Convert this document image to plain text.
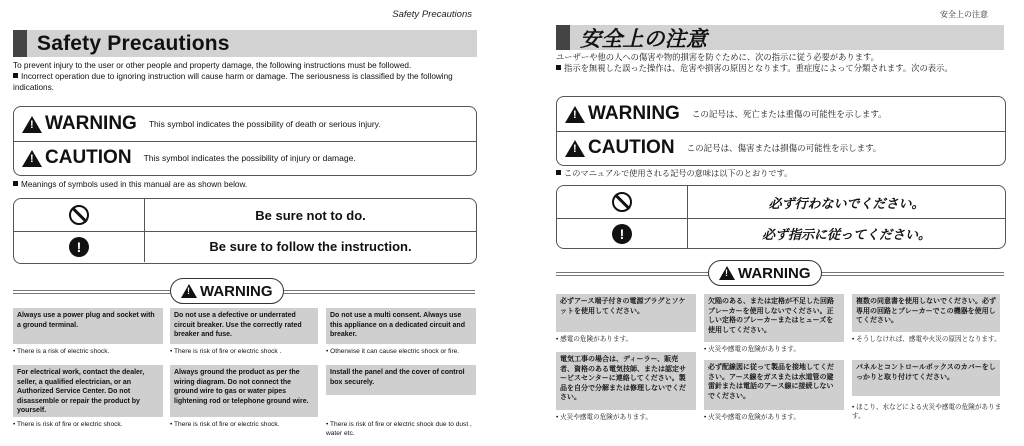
Safety Precautions
Safety Precautions
To prevent injury to the user or other people and property damage, the following instructions must be followed.
Incorrect operation due to ignoring instruction will cause harm or damage. The seriousness is classified by the following indications.
!
WARNING This symbol indicates the possibility of death or serious injury.
!
CAUTION This symbol indicates the possibility of injury or damage.
Meanings of symbols used in this manual are as shown below.
Be sure not to do.
!	Be sure to follow the instruction.
!
WARNING
Always use a power plug and socket with a ground terminal.
• There is a risk of electric shock.
Do not use a defective or underrated circuit breaker. Use the correctly rated breaker and fuse.
• There is risk of fire or electric shock .
Do not use a multi consent. Always use this appliance on a dedicated circuit and breaker.
• Otherwise it can cause electric shock or fire.
For electrical work, contact the dealer, seller, a qualified electrician, or an Authorized Service Center. Do not disassemble or repair the product by yourself.
• There is risk of fire or electric shock.
Always ground the product as per the wiring diagram. Do not connect the ground wire to gas or water pipes lightening rod or telephone ground wire.
• There is risk of fire or electric shock.
Install the panel and the cover of control box securely.
• There is risk of fire or electric shock due to dust , water etc.
安全上の注意
安全上の注意
ユーザーや他の人への傷害や物的損害を防ぐために、次の指示に従う必要があります。
指示を無視した誤った操作は、危害や損害の原因となります。重症度によって分類されます。次の表示。
!
WARNING この記号は、死亡または重傷の可能性を示します。
!
CAUTION この記号は、傷害または損傷の可能性を示します。
このマニュアルで使用される記号の意味は以下のとおりです。
必ず行わないでください。
!	必ず指示に従ってください。
!
WARNING
必ずアース端子付きの電源プラグとソケットを使用してください。
• 感電の危険があります。
欠陥のある、または定格が不足した回路ブレーカーを使用しないでください。正しい定格のブレーカーまたはヒューズを使用してください。
• 火災や感電の危険があります。
複数の同意書を使用しないでください。必ず専用の回路とブレーカーでこの機器を使用してください。
• そうしなければ、感電や火災の原因となります。
電気工事の場合は、ディーラー、販売者、資格のある電気技師、または認定サービスセンターに連絡してください。製品を自分で分解または修理しないでください。
• 火災や感電の危険があります。
必ず配線図に従って製品を接地してください。アース線をガスまたは水道管の避雷針または電話のアース線に接続しないでください。
• 火災や感電の危険があります。
パネルとコントロールボックスのカバーをしっかりと取り付けてください。
• ほこり、水などによる火災や感電の危険があります。
